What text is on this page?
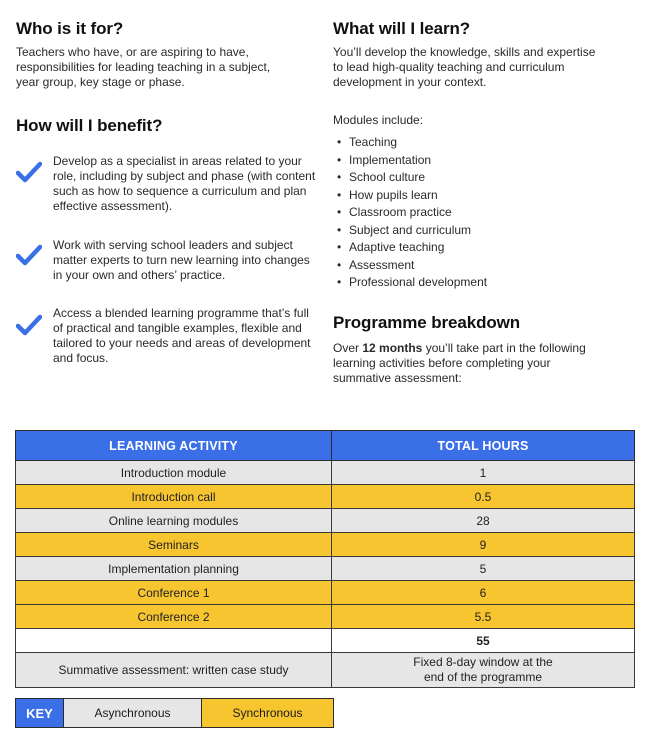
Who is it for?

Teachers who have, or are aspiring to have, responsibilities for leading teaching in a subject, year group, key stage or phase.

How will I benefit?

Develop as a specialist in areas related to your role, including by subject and phase (with content such as how to sequence a curriculum and plan effective assessment).

Work with serving school leaders and subject matter experts to turn new learning into changes in your own and others’ practice.

Access a blended learning programme that’s full of practical and tangible examples, flexible and tailored to your needs and areas of development and focus.

What will I learn?

You’ll develop the knowledge, skills and expertise to lead high-quality teaching and curriculum development in your context.

Modules include:

• Teaching
• Implementation
• School culture
• How pupils learn
• Classroom practice
• Subject and curriculum
• Adaptive teaching
• Assessment
• Professional development
Programme breakdown

Over 12 months you’ll take part in the following learning activities before completing your summative assessment:

LEARNING ACTIVITY	TOTAL HOURS
Introduction module	1
Introduction call	0.5
Online learning modules	28
Seminars	9
Implementation planning	5
Conference 1	6
Conference 2	5.5
	55
Summative assessment: written case study	Fixed 8-day window at the
end of the programme
KEY	Asynchronous	Synchronous
